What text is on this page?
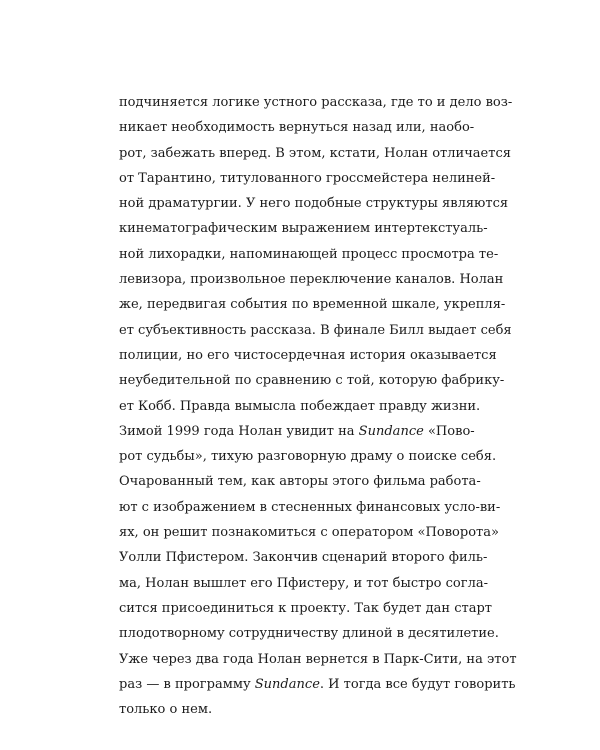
подчиняется логике устного рассказа, где то и дело воз-
никает необходимость вернуться назад или, наобо-
рот, забежать вперед. В этом, кстати, Нолан отличается
от Тарантино, титулованного гроссмейстера нелиней-
ной драматургии. У него подобные структуры являются
кинематографическим выражением интертекстуаль-
ной лихорадки, напоминающей процесс просмотра те-
левизора, произвольное переключение каналов. Нолан
же, передвигая события по временной шкале, укрепля-
ет субъективность рассказа. В финале Билл выдает себя
полиции, но его чистосердечная история оказывается
неубедительной по сравнению с той, которую фабрику-
ет Кобб. Правда вымысла побеждает правду жизни.
Зимой 1999 года Нолан увидит на Sundance «Пово-
рот судьбы», тихую разговорную драму о поиске себя.
Очарованный тем, как авторы этого фильма работа-
ют с изображением в стесненных финансовых усло-ви-
ях, он решит познакомиться с оператором «Поворота»
Уолли Пфистером. Закончив сценарий второго филь-
ма, Нолан вышлет его Пфистеру, и тот быстро согла-
сится присоединиться к проекту. Так будет дан старт
плодотворному сотрудничеству длиной в десятилетие.
Уже через два года Нолан вернется в Парк-Сити, на этот
раз — в программу Sundance. И тогда все будут говорить
только о нем.
